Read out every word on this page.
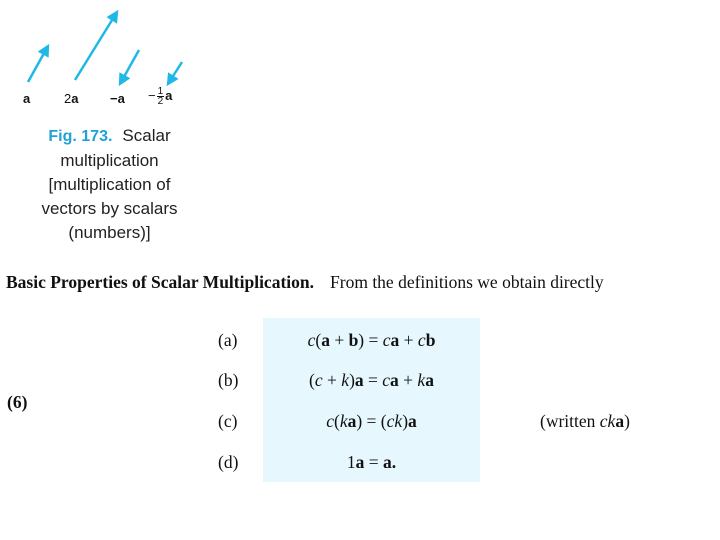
a	$2a -a - \frac{1}{2}$ a
Fig. 173. Scalar multiplication [multiplication of vectors by scalars (numbers)]
Basic Properties of Scalar Multiplication. From the definitions we obtain directly
(6)
(a)	c(a + b) = ca + cb
(b)	(c + k)a = ca + ka
(c)	c(ka) = (ck)a	(written cka)
(d)	1a = a.
